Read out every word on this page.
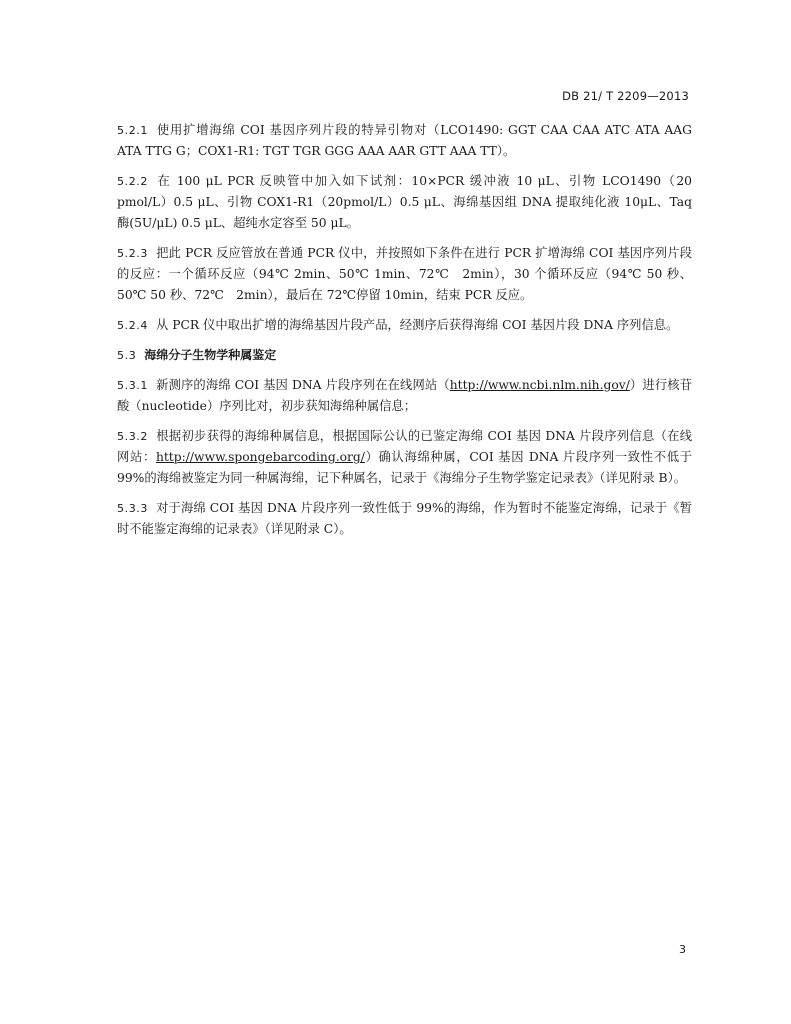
DB 21/ T 2209—2013

5.2.1 使用扩增海绵 COI 基因序列片段的特异引物对（LCO1490: GGT CAA CAA ATC ATA AAG ATA TTG G；COX1-R1: TGT TGR GGG AAA AAR GTT AAA TT）。

5.2.2 在 100 μL PCR 反映管中加入如下试剂：10×PCR 缓冲液 10 μL、引物 LCO1490（20 pmol/L）0.5 μL、引物 COX1-R1（20pmol/L）0.5 μL、海绵基因组 DNA 提取纯化液 10μL、Taq 酶(5U/μL) 0.5 μL、超纯水定容至 50 μL。

5.2.3 把此 PCR 反应管放在普通 PCR 仪中，并按照如下条件在进行 PCR 扩增海绵 COI 基因序列片段的反应：一个循环反应（94℃ 2min、50℃ 1min、72℃　2min），30 个循环反应（94℃ 50 秒、50℃ 50 秒、72℃　2min），最后在 72℃停留 10min，结束 PCR 反应。

5.2.4 从 PCR 仪中取出扩增的海绵基因片段产品，经测序后获得海绵 COI 基因片段 DNA 序列信息。

5.3 海绵分子生物学种属鉴定

5.3.1 新测序的海绵 COI 基因 DNA 片段序列在在线网站（http://www.ncbi.nlm.nih.gov/）进行核苷酸（nucleotide）序列比对，初步获知海绵种属信息；

5.3.2 根据初步获得的海绵种属信息，根据国际公认的已鉴定海绵 COI 基因 DNA 片段序列信息（在线网站：http://www.spongebarcoding.org/）确认海绵种属，COI 基因 DNA 片段序列一致性不低于 99%的海绵被鉴定为同一种属海绵，记下种属名，记录于《海绵分子生物学鉴定记录表》（详见附录 B）。

5.3.3 对于海绵 COI 基因 DNA 片段序列一致性低于 99%的海绵，作为暂时不能鉴定海绵，记录于《暂时不能鉴定海绵的记录表》（详见附录 C）。

3
